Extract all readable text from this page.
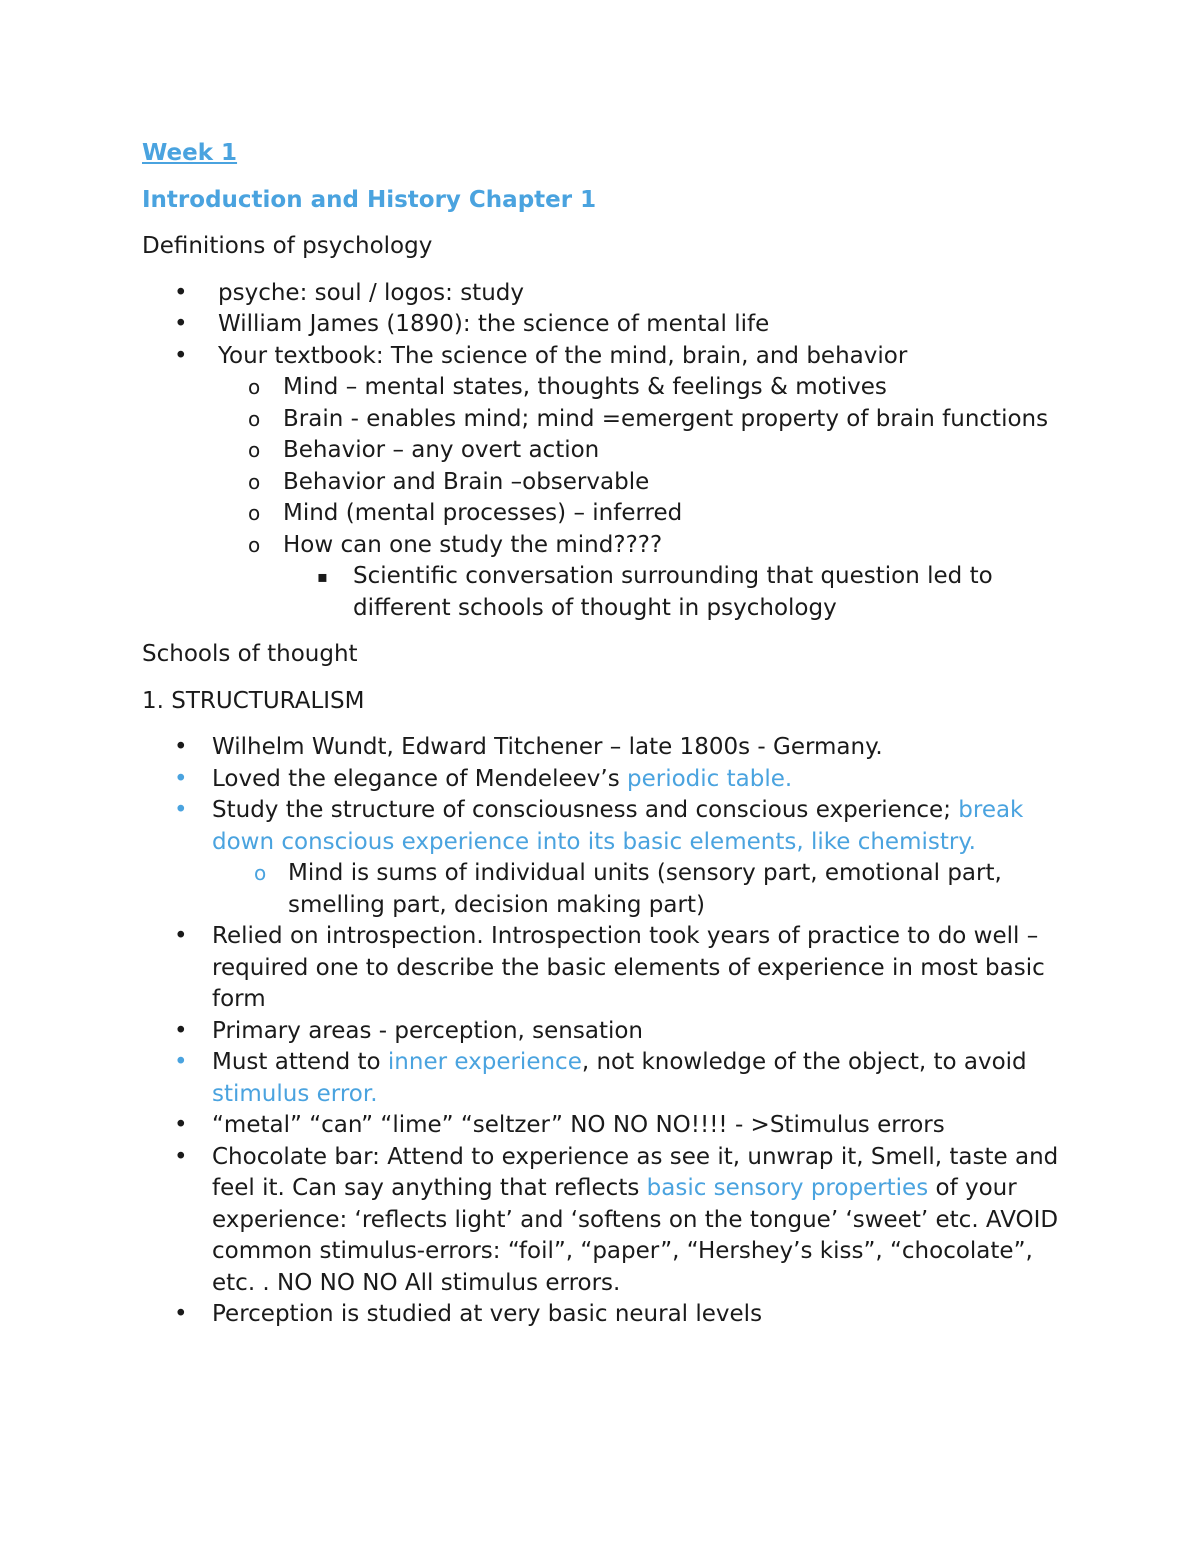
Week 1

Introduction and History Chapter 1

Definitions of psychology

• psyche: soul / logos: study
• William James (1890): the science of mental life
• Your textbook: The science of the mind, brain, and behavior
o Mind – mental states, thoughts & feelings & motives
o Brain - enables mind; mind =emergent property of brain functions
o Behavior – any overt action
o Behavior and Brain –observable
o Mind (mental processes) – inferred
o How can one study the mind????
▪ Scientific conversation surrounding that question led to different schools of thought in psychology

Schools of thought

1. STRUCTURALISM

• Wilhelm Wundt, Edward Titchener – late 1800s - Germany.
• Loved the elegance of Mendeleev’s periodic table.
• Study the structure of consciousness and conscious experience; break down conscious experience into its basic elements, like chemistry.
o Mind is sums of individual units (sensory part, emotional part, smelling part, decision making part)
• Relied on introspection. Introspection took years of practice to do well –required one to describe the basic elements of experience in most basic form
• Primary areas - perception, sensation
• Must attend to inner experience, not knowledge of the object, to avoid stimulus error.
• “metal” “can” “lime” “seltzer” NO NO NO!!!! - >Stimulus errors
• Chocolate bar: Attend to experience as see it, unwrap it, Smell, taste and feel it. Can say anything that reflects basic sensory properties of your experience: ‘reflects light’ and ‘softens on the tongue’ ‘sweet’ etc. AVOID common stimulus-errors: “foil”, “paper”, “Hershey’s kiss”, “chocolate”, etc. . NO NO NO All stimulus errors.
• Perception is studied at very basic neural levels
